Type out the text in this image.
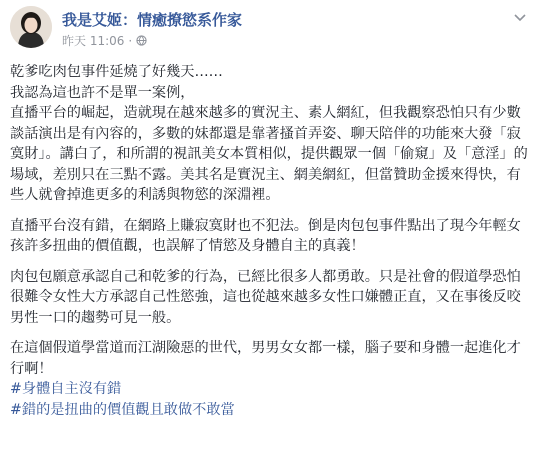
我是艾姬：情癒撩慾系作家
昨天 11:06 ·

乾爹吃肉包事件延燒了好幾天……
我認為這也許不是單一案例，
直播平台的崛起，造就現在越來越多的實況主、素人網紅，但我觀察恐怕只有少數談話演出是有內容的，多數的妹都還是靠著搔首弄姿、聊天陪伴的功能來大發「寂寞財」。講白了，和所謂的視訊美女本質相似，提供觀眾一個「偷窺」及「意淫」的場域，差別只在三點不露。美其名是實況主、網美網紅，但當贊助金援來得快，有些人就會掉進更多的利誘與物慾的深淵裡。

直播平台沒有錯，在網路上賺寂寞財也不犯法。倒是肉包包事件點出了現今年輕女孩許多扭曲的價值觀，也誤解了情慾及身體自主的真義！

肉包包願意承認自己和乾爹的行為，已經比很多人都勇敢。只是社會的假道學恐怕很難令女性大方承認自己性慾強，這也從越來越多女性口嫌體正直，又在事後反咬男性一口的趨勢可見一般。

在這個假道學當道而江湖險惡的世代，男男女女都一樣，腦子要和身體一起進化才行啊！

#身體自主沒有錯
#錯的是扭曲的價值觀且敢做不敢當
